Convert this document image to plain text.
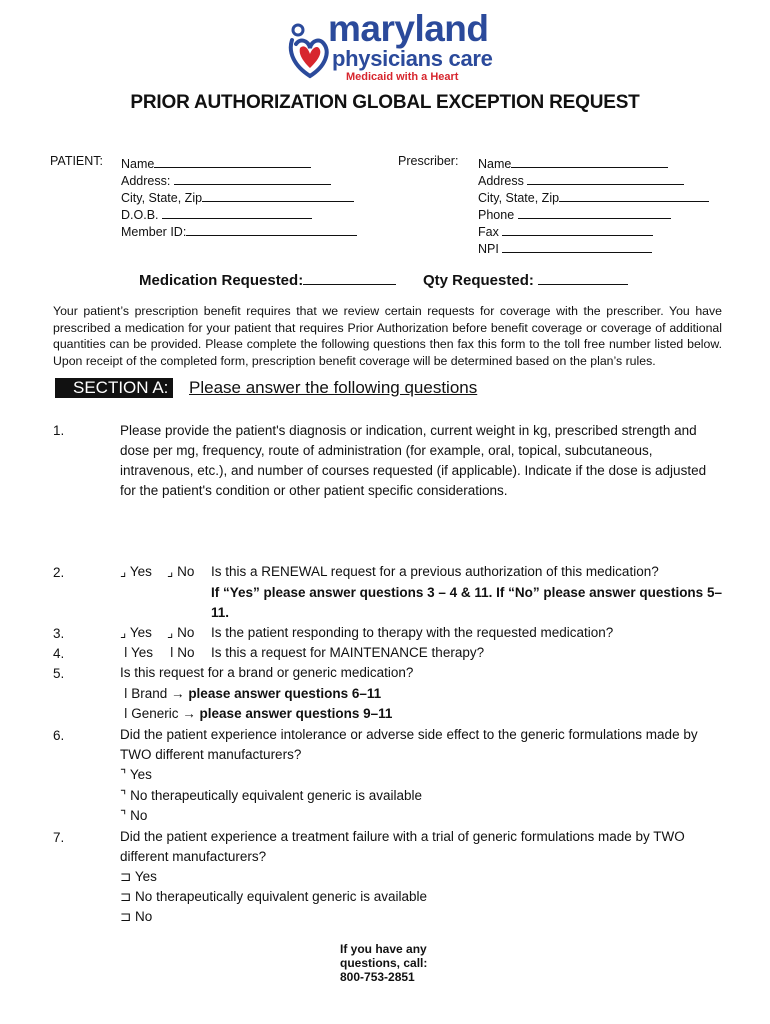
maryland
physicians care
Medicaid with a Heart
PRIOR AUTHORIZATION GLOBAL EXCEPTION REQUEST
PATIENT: Name
Address:
City, State, Zip
D.O.B.
Member ID:
Prescriber: Name
Address
City, State, Zip
Phone
Fax
NPI
Medication Requested:	Qty Requested:
Your patient’s prescription benefit requires that we review certain requests for coverage with the prescriber. You have prescribed a medication for your patient that requires Prior Authorization before benefit coverage or coverage of additional quantities can be provided. Please complete the following questions then fax this form to the toll free number listed below. Upon receipt of the completed form, prescription benefit coverage will be determined based on the plan’s rules.
SECTION A: Please answer the following questions
1.	Please provide the patient's diagnosis or indication, current weight in kg, prescribed strength and dose per mg, frequency, route of administration (for example, oral, topical, subcutaneous, intravenous, etc.), and number of courses requested (if applicable). Indicate if the dose is adjusted for the patient's condition or other patient specific considerations.
2.	⌟ Yes ⌟ No Is this a RENEWAL request for a previous authorization of this medication?
If “Yes” please answer questions 3 – 4 & 11. If “No” please answer questions 5–
11.
3.	⌟ Yes ⌟ No Is the patient responding to therapy with the requested medication?
4.	ǀ Yes ǀ No Is this a request for MAINTENANCE therapy?
5.	Is this request for a brand or generic medication?
ǀ Brand → please answer questions 6–11
ǀ Generic → please answer questions 9–11
6.	Did the patient experience intolerance or adverse side effect to the generic formulations made by
TWO different manufacturers?
⌝ Yes
⌝ No therapeutically equivalent generic is available
⌝ No
7.	Did the patient experience a treatment failure with a trial of generic formulations made by TWO
different manufacturers?
⊐ Yes
⊐ No therapeutically equivalent generic is available
⊐ No
If you have any
questions, call:
800-753-2851
